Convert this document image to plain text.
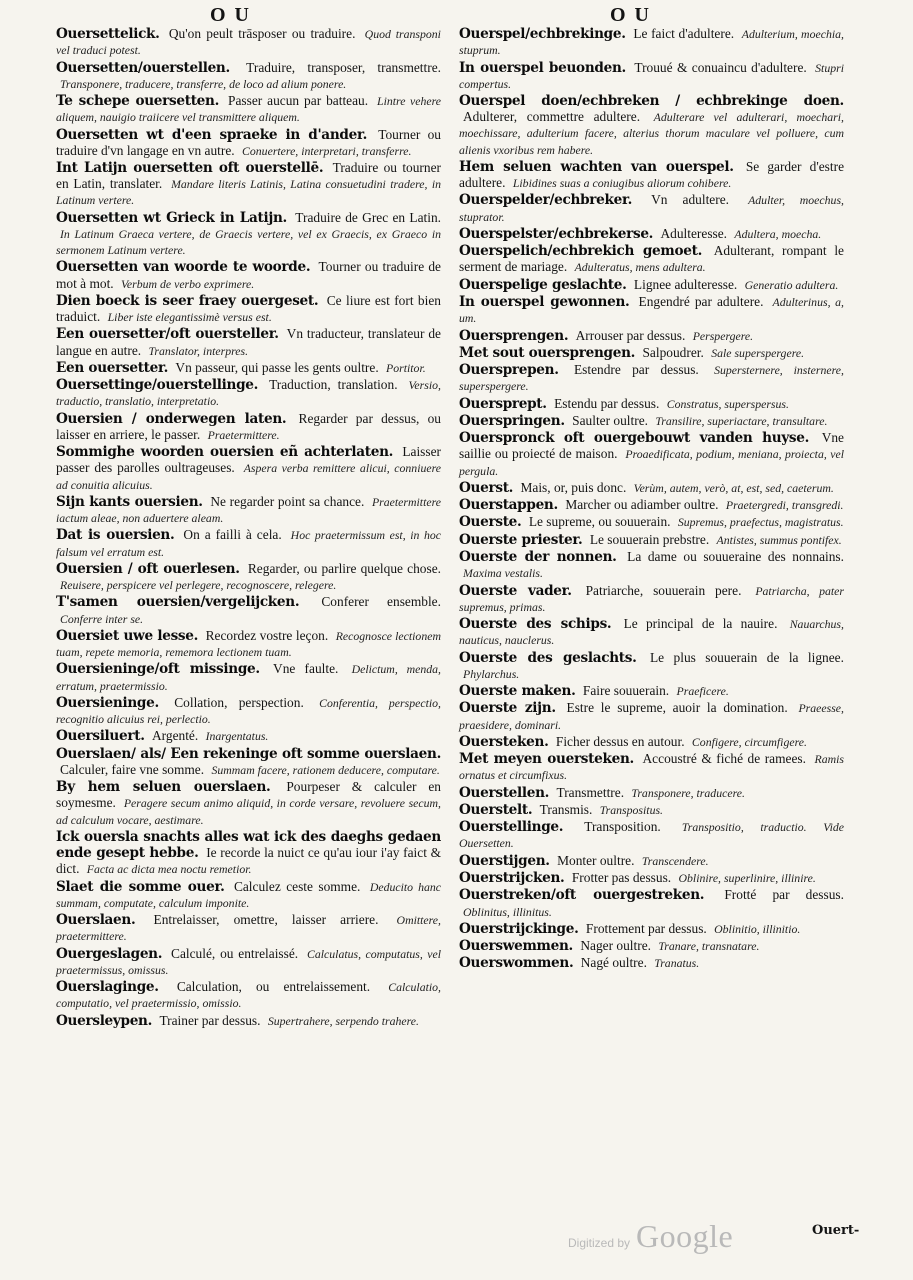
O U	O U
Ouersettelick. Qu'on peult trāsposer ou traduire. Quod transponi vel traduci potest.
Ouersetten/ouerstellen. Traduire, transposer, transmettre. Transponere, traducere, transferre, de loco ad alium ponere.
Te schepe ouersetten. Passer aucun par batteau. Lintre vehere aliquem, nauigio traiicere vel transmittere aliquem.
Ouersetten wt d'een spraeke in d'ander. Tourner ou traduire d'vn langage en vn autre. Conuertere, interpretari, transferre.
Int Latijn ouersetten oft ouerstellē. Traduire ou tourner en Latin, translater. Mandare literis Latinis, Latina consuetudini tradere, in Latinum vertere.
Ouersetten wt Grieck in Latijn. Traduire de Grec en Latin. In Latinum Graeca vertere, de Graecis vertere, vel ex Graecis, ex Graeco in sermonem Latinum vertere.
Ouersetten van woorde te woorde. Tourner ou traduire de mot à mot. Verbum de verbo exprimere.
Dien boeck is seer fraey ouergeset. Ce liure est fort bien traduict. Liber iste elegantissimè versus est.
Een ouersetter/oft ouersteller. Vn traducteur, translateur de langue en autre. Translator, interpres.
Een ouersetter. Vn passeur, qui passe les gents oultre. Portitor.
Ouersettinge/ouerstellinge. Traduction, translation. Versio, traductio, translatio, interpretatio.
Ouersien / onderwegen laten. Regarder par dessus, ou laisser en arriere, le passer. Praetermittere.
Sommighe woorden ouersien eñ achterlaten. Laisser passer des parolles oultrageuses. Aspera verba remittere alicui, conniuere ad conuitia alicuius.
Sijn kants ouersien. Ne regarder point sa chance. Praetermittere iactum aleae, non aduertere aleam.
Dat is ouersien. On a failli à cela. Hoc praetermissum est, in hoc falsum vel erratum est.
Ouersien / oft ouerlesen. Regarder, ou parlire quelque chose. Reuisere, perspicere vel perlegere, recognoscere, relegere.
T'samen ouersien/vergelijcken. Conferer ensemble. Conferre inter se.
Ouersiet uwe lesse. Recordez vostre leçon. Recognosce lectionem tuam, repete memoria, rememora lectionem tuam.
Ouersieninge/oft missinge. Vne faulte. Delictum, menda, erratum, praetermissio.
Ouersieninge. Collation, perspection. Conferentia, perspectio, recognitio alicuius rei, perlectio.
Ouersiluert. Argenté. Inargentatus.
Ouerslaen/ als/ Een rekeninge oft somme ouerslaen. Calculer, faire vne somme. Summam facere, rationem deducere, computare.
By hem seluen ouerslaen. Pourpeser & calculer en soymesme. Peragere secum animo aliquid, in corde versare, revoluere secum, ad calculum vocare, aestimare.
Ick ouersla snachts alles wat ick des daeghs gedaen ende gesept hebbe. Ie recorde la nuict ce qu'au iour i'ay faict & dict. Facta ac dicta mea noctu remetior.
Slaet die somme ouer. Calculez ceste somme. Deducito hanc summam, computate, calculum imponite.
Ouerslaen. Entrelaisser, omettre, laisser arriere. Omittere, praetermittere.
Ouergeslagen. Calculé, ou entrelaissé. Calculatus, computatus, vel praetermissus, omissus.
Ouerslaginge. Calculation, ou entrelaissement. Calculatio, computatio, vel praetermissio, omissio.
Ouersleypen. Trainer par dessus. Supertrahere, serpendo trahere.
Ouerspel/echbrekinge. Le faict d'adultere. Adulterium, moechia, stuprum.
In ouerspel beuonden. Trouué & conuaincu d'adultere. Stupri compertus.
Ouerspel doen/echbreken / echbrekinge doen. Adulterer, commettre adultere. Adulterare vel adulterari, moechari, moechissare, adulterium facere, alterius thorum maculare vel polluere, cum alienis vxoribus rem habere.
Hem seluen wachten van ouerspel. Se garder d'estre adultere. Libidines suas a coniugibus aliorum cohibere.
Ouerspelder/echbreker. Vn adultere. Adulter, moechus, stuprator.
Ouerspelster/echbrekerse. Adulteresse. Adultera, moecha.
Ouerspelich/echbrekich gemoet. Adulterant, rompant le serment de mariage. Adulteratus, mens adultera.
Ouerspelige geslachte. Lignee adulteresse. Generatio adultera.
In ouerspel gewonnen. Engendré par adultere. Adulterinus, a, um.
Ouersprengen. Arrouser par dessus. Perspergere.
Met sout ouersprengen. Salpoudrer. Sale superspergere.
Ouersprepen. Estendre par dessus. Supersternere, insternere, superspergere.
Ouersprept. Estendu par dessus. Constratus, superspersus.
Ouerspringen. Saulter oultre. Transilire, superiactare, transultare.
Ouerspronck oft ouergebouwt vanden huyse. Vne saillie ou proiecté de maison. Proaedificata, podium, meniana, proiecta, vel pergula.
Ouerst. Mais, or, puis donc. Verùm, autem, verò, at, est, sed, caeterum.
Ouerstappen. Marcher ou adiamber oultre. Praetergredi, transgredi.
Ouerste. Le supreme, ou souuerain. Supremus, praefectus, magistratus.
Ouerste priester. Le souuerain prebstre. Antistes, summus pontifex.
Ouerste der nonnen. La dame ou souueraine des nonnains. Maxima vestalis.
Ouerste vader. Patriarche, souuerain pere. Patriarcha, pater supremus, primas.
Ouerste des schips. Le principal de la nauire. Nauarchus, nauticus, nauclerus.
Ouerste des geslachts. Le plus souuerain de la lignee. Phylarchus.
Ouerste maken. Faire souuerain. Praeficere.
Ouerste zijn. Estre le supreme, auoir la domination. Praeesse, praesidere, dominari.
Ouersteken. Ficher dessus en autour. Configere, circumfigere.
Met meyen ouersteken. Accoustré & fiché de ramees. Ramis ornatus et circumfixus.
Ouerstellen. Transmettre. Transponere, traducere.
Ouerstelt. Transmis. Transpositus.
Ouerstellinge. Transposition. Transpositio, traductio. Vide Ouersetten.
Ouerstijgen. Monter oultre. Transcendere.
Ouerstrijcken. Frotter pas dessus. Oblinire, superlinire, illinire.
Ouerstreken/oft ouergestreken. Frotté par dessus. Oblinitus, illinitus.
Ouerstrijckinge. Frottement par dessus. Oblinitio, illinitio.
Ouerswemmen. Nager oultre. Tranare, transnatare.
Ouerswommen. Nagé oultre. Tranatus.
Digitized by Google	Ouert-
